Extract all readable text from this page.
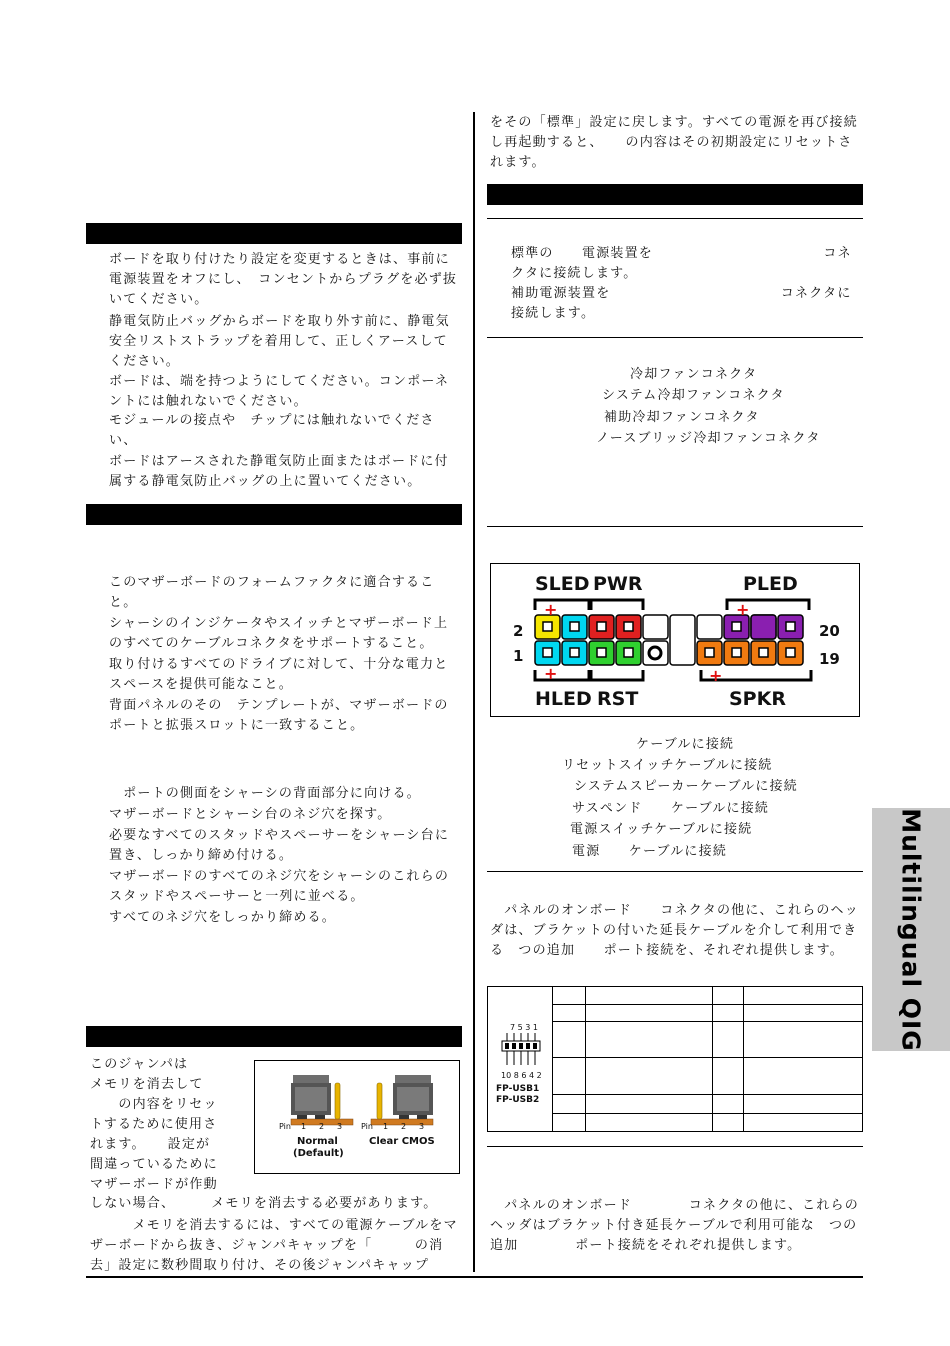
ボードを取り付けたり設定を変更するときは、事前に電源装置をオフにし、　コンセントからプラグを必ず抜いてください。

静電気防止バッグからボードを取り外す前に、静電気安全リストストラップを着用して、正しくアースしてください。

ボードは、端を持つようにしてください。コンポーネントには触れないでください。

モジュールの接点や　チップには触れないでください、

ボードはアースされた静電気防止面またはボードに付属する静電気防止バッグの上に置いてください。

このマザーボードのフォームファクタに適合すること。

シャーシのインジケータやスイッチとマザーボード上のすべてのケーブルコネクタをサポートすること。

取り付けるすべてのドライブに対して、十分な電力とスペースを提供可能なこと。

背面パネルのその　テンプレートが、マザーボードの　ポートと拡張スロットに一致すること。

　ポートの側面をシャーシの背面部分に向ける。

マザーボードとシャーシ台のネジ穴を探す。

必要なすべてのスタッドやスペーサーをシャーシ台に置き、しっかり締め付ける。

マザーボードのすべてのネジ穴をシャーシのこれらのスタッドやスペーサーと一列に並べる。

すべてのネジ穴をしっかり締める。

このジャンパは
メモリを消去して
　　の内容をリセッ
トするために使用さ
れます。　　設定が
間違っているために
マザーボードが作動
しない場合、　　　メモリを消去する必要があります。

　　　メモリを消去するには、すべての電源ケーブルをマザーボードから抜き、ジャンパキャップを「　　　の消去」設定に数秒間取り付け、その後ジャンパキャップ

Pin 1 2 3 Pin 1 2 3
Normal
(Default)
Clear CMOS

をその「標準」設定に戻します。すべての電源を再び接続し再起動すると、　　の内容はその初期設定にリセットされます。

標準の　　電源装置を　　　　　　　　　　　　コネクタに接続します。

補助電源装置を　　　　　　　　　　　　コネクタに接続します。

冷却ファンコネクタ
システム冷却ファンコネクタ
補助冷却ファンコネクタ
ノースブリッジ冷却ファンコネクタ
SLED PWR	PLED
HLED RST	SPKR
2
1
20
19
+	+
+	+
ケーブルに接続
リセットスイッチケーブルに接続
システムスピーカーケーブルに接続
サスペンド　　ケーブルに接続
電源スイッチケーブルに接続
電源　　ケーブルに接続

　パネルのオンボード　　コネクタの他に、これらのヘッダは、ブラケットの付いた延長ケーブルを介して利用できる　つの追加　　ポート接続を、それぞれ提供します。

7 5 3 1
10 8 6 4 2
FP-USB1
FP-USB2				

　パネルのオンボード　　　　コネクタの他に、これらのヘッダはブラケット付き延長ケーブルで利用可能な　つの追加　　　　ポート接続をそれぞれ提供します。

Multilingual QIG
